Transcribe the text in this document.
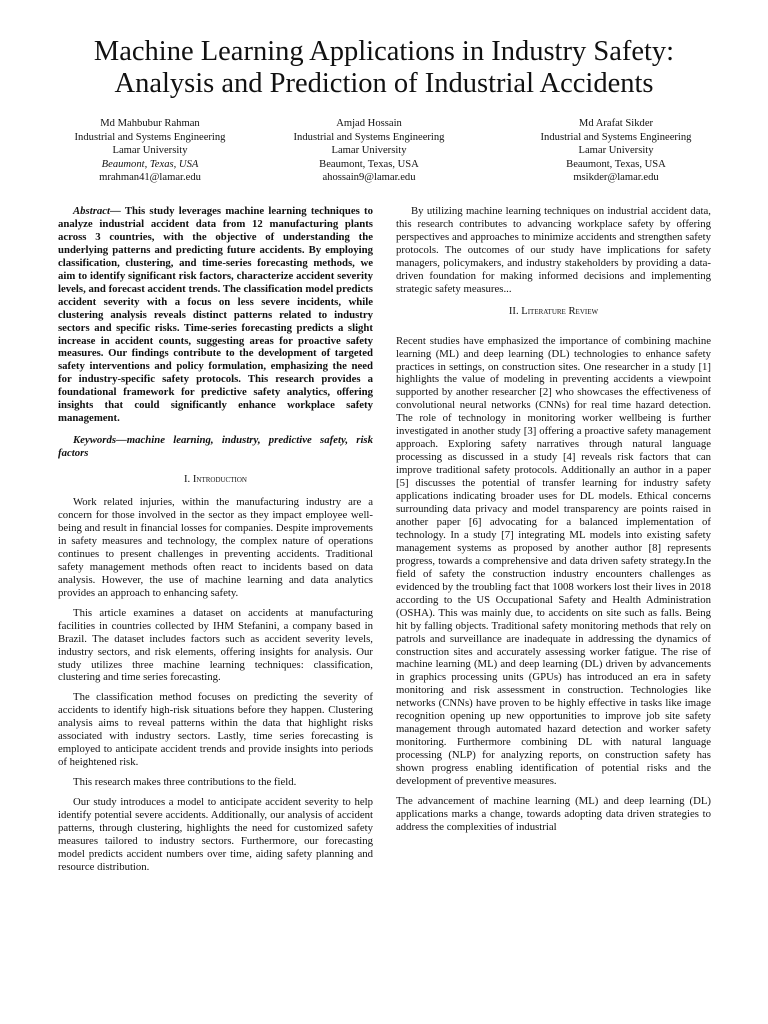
Machine Learning Applications in Industry Safety:
Analysis and Prediction of Industrial Accidents
Md Mahbubur Rahman
Industrial and Systems Engineering
Lamar University
Beaumont, Texas, USA
mrahman41@lamar.edu
Amjad Hossain
Industrial and Systems Engineering
Lamar University
Beaumont, Texas, USA
ahossain9@lamar.edu
Md Arafat Sikder
Industrial and Systems Engineering
Lamar University
Beaumont, Texas, USA
msikder@lamar.edu

Abstract— This study leverages machine learning techniques to analyze industrial accident data from 12 manufacturing plants across 3 countries, with the objective of understanding the underlying patterns and predicting future accidents. By employing classification, clustering, and time-series forecasting methods, we aim to identify significant risk factors, characterize accident severity levels, and forecast accident trends. The classification model predicts accident severity with a focus on less severe incidents, while clustering analysis reveals distinct patterns related to industry sectors and specific risks. Time-series forecasting predicts a slight increase in accident counts, suggesting areas for proactive safety measures. Our findings contribute to the development of targeted safety interventions and policy formulation, emphasizing the need for industry-specific safety protocols. This research provides a foundational framework for predictive safety analytics, offering insights that could significantly enhance workplace safety management.

Keywords—machine learning, industry, predictive safety, risk factors

I. Introduction

Work related injuries, within the manufacturing industry are a concern for those involved in the sector as they impact employee well-being and result in financial losses for companies. Despite improvements in safety measures and technology, the complex nature of operations continues to present challenges in preventing accidents. Traditional safety management methods often react to incidents based on data analysis. However, the use of machine learning and data analytics provides an approach to enhancing safety.

This article examines a dataset on accidents at manufacturing facilities in countries collected by IHM Stefanini, a company based in Brazil. The dataset includes factors such as accident severity levels, industry sectors, and risk elements, offering insights for analysis. Our study utilizes three machine learning techniques: classification, clustering and time series forecasting.

The classification method focuses on predicting the severity of accidents to identify high-risk situations before they happen. Clustering analysis aims to reveal patterns within the data that highlight risks associated with industry sectors. Lastly, time series forecasting is employed to anticipate accident trends and provide insights into periods of heightened risk.

This research makes three contributions to the field.

Our study introduces a model to anticipate accident severity to help identify potential severe accidents. Additionally, our analysis of accident patterns, through clustering, highlights the need for customized safety measures tailored to industry sectors. Furthermore, our forecasting model predicts accident numbers over time, aiding safety planning and resource distribution.

By utilizing machine learning techniques on industrial accident data, this research contributes to advancing workplace safety by offering perspectives and approaches to minimize accidents and strengthen safety protocols. The outcomes of our study have implications for safety managers, policymakers, and industry stakeholders by providing a data-driven foundation for making informed decisions and implementing strategic safety measures...

II. Literature Review

Recent studies have emphasized the importance of combining machine learning (ML) and deep learning (DL) technologies to enhance safety practices in settings, on construction sites. One researcher in a study [1] highlights the value of modeling in preventing accidents a viewpoint supported by another researcher [2] who showcases the effectiveness of convolutional neural networks (CNNs) for real time hazard detection. The role of technology in monitoring worker wellbeing is further investigated in another study [3] offering a proactive safety management approach. Exploring safety narratives through natural language processing as discussed in a study [4] reveals risk factors that can improve traditional safety protocols. Additionally an author in a paper [5] discusses the potential of transfer learning for industry safety applications indicating broader uses for DL models. Ethical concerns surrounding data privacy and model transparency are points raised in another paper [6] advocating for a balanced implementation of technology. In a study [7] integrating ML models into existing safety management systems as proposed by another author [8] represents progress, towards a comprehensive and data driven safety strategy.In the field of safety the construction industry encounters challenges as evidenced by the troubling fact that 1008 workers lost their lives in 2018 according to the US Occupational Safety and Health Administration (OSHA). This was mainly due, to accidents on site such as falls. Being hit by falling objects. Traditional safety monitoring methods that rely on patrols and surveillance are inadequate in addressing the dynamics of construction sites and accurately assessing worker fatigue. The rise of machine learning (ML) and deep learning (DL) driven by advancements in graphics processing units (GPUs) has introduced an era in safety monitoring and risk assessment in construction. Technologies like networks (CNNs) have proven to be highly effective in tasks like image recognition opening up new opportunities to improve job site safety management through automated hazard detection and worker safety monitoring. Furthermore combining DL with natural language processing (NLP) for analyzing reports, on construction safety has shown progress enabling identification of potential risks and the development of preventive measures.

The advancement of machine learning (ML) and deep learning (DL) applications marks a change, towards adopting data driven strategies to address the complexities of industrial
